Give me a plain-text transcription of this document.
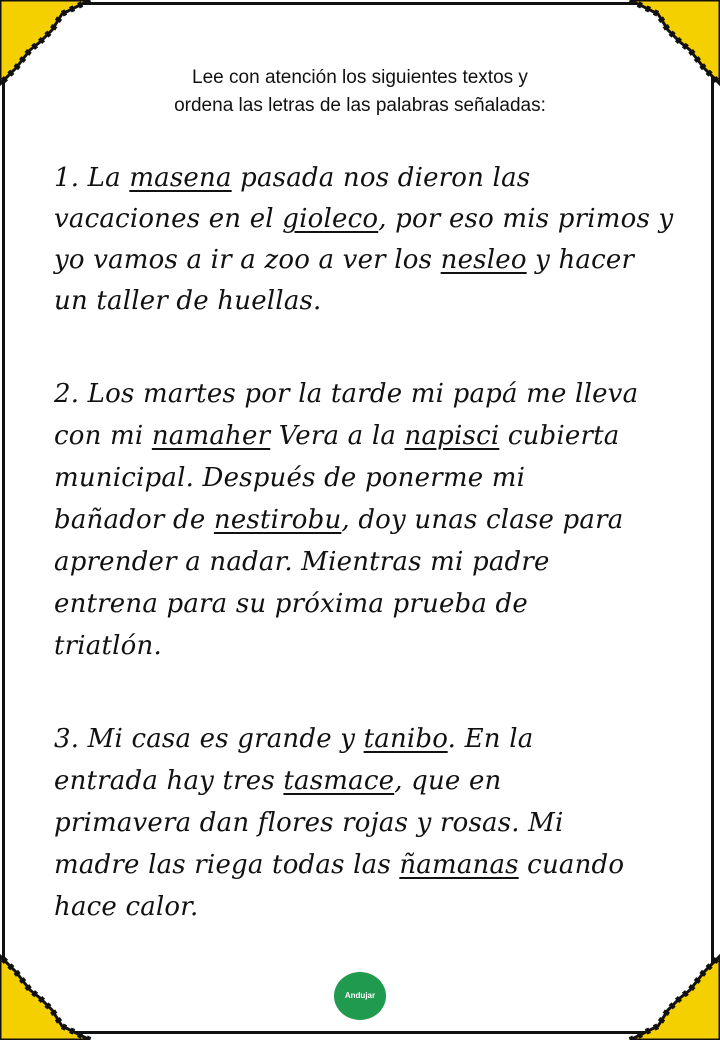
Lee con atención los siguientes textos y
ordena las letras de las palabras señaladas:
1. La masena pasada nos dieron las
vacaciones en el gioleco, por eso mis primos y
yo vamos a ir a zoo a ver los nesleo y hacer
un taller de huellas.
2. Los martes por la tarde mi papá me lleva
con mi namaher Vera a la napisci cubierta
municipal. Después de ponerme mi
bañador de nestirobu, doy unas clase para
aprender a nadar. Mientras mi padre
entrena para su próxima prueba de
triatlón.
3. Mi casa es grande y tanibo. En la
entrada hay tres tasmace, que en
primavera dan flores rojas y rosas. Mi
madre las riega todas las ñamanas cuando
hace calor.
Andujar
